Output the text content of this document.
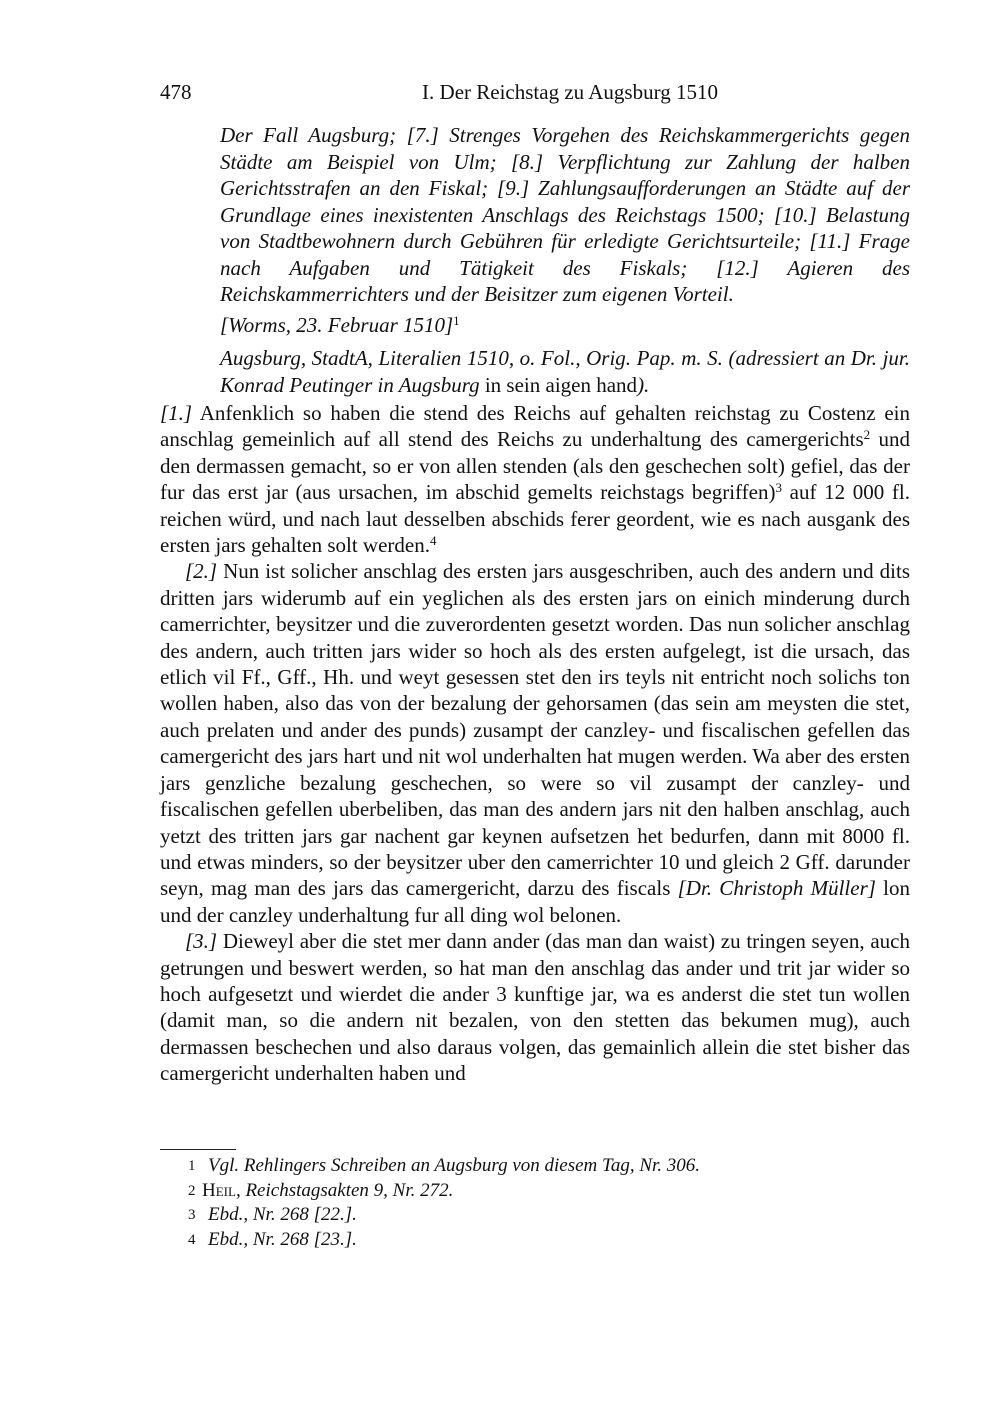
478	I. Der Reichstag zu Augsburg 1510
Der Fall Augsburg; [7.] Strenges Vorgehen des Reichskammergerichts gegen Städte am Beispiel von Ulm; [8.] Verpflichtung zur Zahlung der halben Gerichtsstrafen an den Fiskal; [9.] Zahlungsaufforderungen an Städte auf der Grundlage eines inexistenten Anschlags des Reichstags 1500; [10.] Belastung von Stadtbewohnern durch Gebühren für erledigte Gerichtsurteile; [11.] Frage nach Aufgaben und Tätigkeit des Fiskals; [12.] Agieren des Reichskammerrichters und der Beisitzer zum eigenen Vorteil.
[Worms, 23. Februar 1510]$^1$
Augsburg, StadtA, Literalien 1510, o. Fol., Orig. Pap. m. S. (adressiert an Dr. jur. Konrad Peutinger in Augsburg in sein aigen hand).

[1.] Anfenklich so haben die stend des Reichs auf gehalten reichstag zu Costenz ein anschlag gemeinlich auf all stend des Reichs zu underhaltung des camergerichts$^2$ und den dermassen gemacht, so er von allen stenden (als den geschechen solt) gefiel, das der fur das erst jar (aus ursachen, im abschid gemelts reichstags begriffen)$^3$ auf 12 000 fl. reichen würd, und nach laut desselben abschids ferer geordent, wie es nach ausgank des ersten jars gehalten solt werden.$^4$

[2.] Nun ist solicher anschlag des ersten jars ausgeschriben, auch des andern und dits dritten jars widerumb auf ein yeglichen als des ersten jars on einich minderung durch camerrichter, beysitzer und die zuverordenten gesetzt worden. Das nun solicher anschlag des andern, auch tritten jars wider so hoch als des ersten aufgelegt, ist die ursach, das etlich vil Ff., Gff., Hh. und weyt gesessen stet den irs teyls nit entricht noch solichs ton wollen haben, also das von der bezalung der gehorsamen (das sein am meysten die stet, auch prelaten und ander des punds) zusampt der canzley- und fiscalischen gefellen das camergericht des jars hart und nit wol underhalten hat mugen werden. Wa aber des ersten jars genzliche bezalung geschechen, so were so vil zusampt der canzley- und fiscalischen gefellen uberbeliben, das man des andern jars nit den halben anschlag, auch yetzt des tritten jars gar nachent gar keynen aufsetzen het bedurfen, dann mit 8000 fl. und etwas minders, so der beysitzer uber den camerrichter 10 und gleich 2 Gff. darunder seyn, mag man des jars das camergericht, darzu des fiscals [Dr. Christoph Müller] lon und der canzley underhaltung fur all ding wol belonen.

[3.] Dieweyl aber die stet mer dann ander (das man dan waist) zu tringen seyen, auch getrungen und beswert werden, so hat man den anschlag das ander und trit jar wider so hoch aufgesetzt und wierdet die ander 3 kunftige jar, wa es anderst die stet tun wollen (damit man, so die andern nit bezalen, von den stetten das bekumen mug), auch dermassen beschechen und also daraus volgen, das gemainlich allein die stet bisher das camergericht underhalten haben und

1 Vgl. Rehlingers Schreiben an Augsburg von diesem Tag, Nr. 306.
2 Heil, Reichstagsakten 9, Nr. 272.
3 Ebd., Nr. 268 [22.].
4 Ebd., Nr. 268 [23.].
